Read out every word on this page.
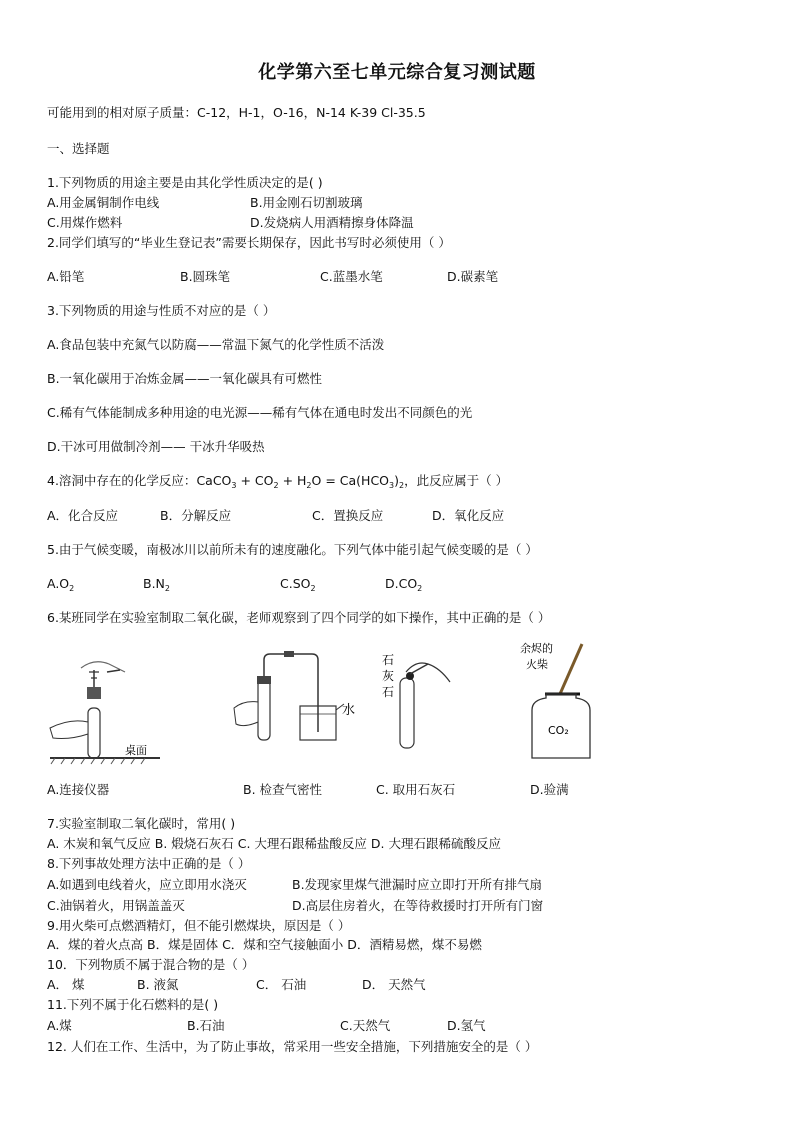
化学第六至七单元综合复习测试题
可能用到的相对原子质量：C-12，H-1，O-16，N-14 K-39 Cl-35.5
一、选择题
1.下列物质的用途主要是由其化学性质决定的是( )
A.用金属铜制作电线	B.用金刚石切割玻璃
C.用煤作燃料	D.发烧病人用酒精擦身体降温
2.同学们填写的“毕业生登记表”需要长期保存，因此书写时必须使用（ ）
A.铅笔	B.圆珠笔	C.蓝墨水笔	D.碳素笔
3.下列物质的用途与性质不对应的是（ ）
A.食品包装中充氮气以防腐——常温下氮气的化学性质不活泼
B.一氧化碳用于冶炼金属——一氧化碳具有可燃性
C.稀有气体能制成多种用途的电光源——稀有气体在通电时发出不同颜色的光
D.干冰可用做制冷剂—— 干冰升华吸热
4.溶洞中存在的化学反应：CaCO$_3$ + $CO_2 + H_2O = Ca(HCO_3)_2$，此反应属于（ ）
A．化合反应	B．分解反应	C．置换反应	D．氧化反应
5.由于气候变暖，南极冰川以前所未有的速度融化。下列气体中能引起气候变暖的是（ ）
$A.O_2$	$B.N_2$	$C.SO_2$	$D.CO_2$
6.某班同学在实验室制取二氧化碳，老师观察到了四个同学的如下操作，其中正确的是（ ）
桌面
水
石
灰
石
余烬的
火柴
CO₂
A.连接仪器	B. 检查气密性	C. 取用石灰石	D.验满
7.实验室制取二氧化碳时，常用( )
A. 木炭和氧气反应 B. 煅烧石灰石 C. 大理石跟稀盐酸反应 D. 大理石跟稀硫酸反应
8.下列事故处理方法中正确的是（ ）
A.如遇到电线着火，应立即用水浇灭	B.发现家里煤气泄漏时应立即打开所有排气扇
C.油锅着火，用锅盖盖灭	D.高层住房着火，在等待救援时打开所有门窗
9.用火柴可点燃酒精灯，但不能引燃煤块，原因是（ ）
A．煤的着火点高 B．煤是固体 C．煤和空气接触面小 D．酒精易燃，煤不易燃
10．下列物质不属于混合物的是（ ）
A． 煤	B. 液氮	C． 石油	D． 天然气
11.下列不属于化石燃料的是( )
A.煤	B.石油	C.天然气	D.氢气
12. 人们在工作、生活中，为了防止事故，常采用一些安全措施，下列措施安全的是（ ）
